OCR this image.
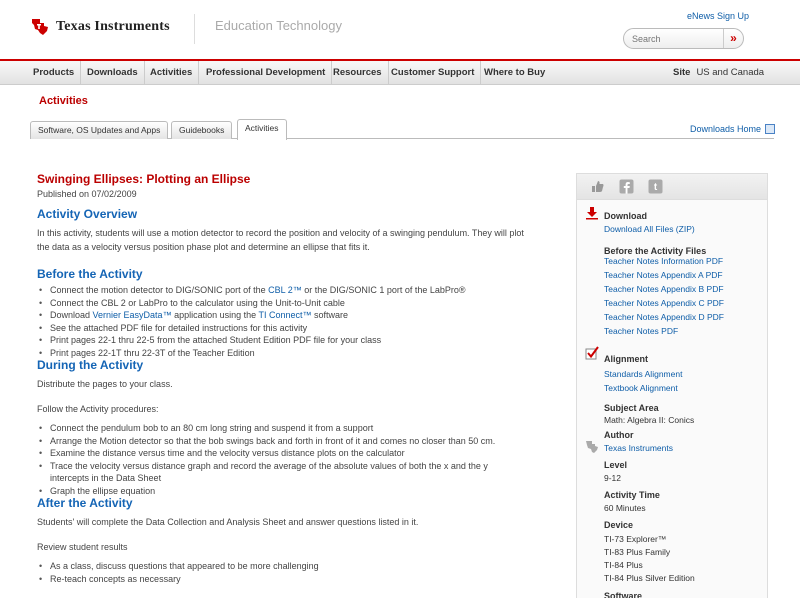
Texas Instruments	Education Technology
eNews Sign Up
Search
»
Products	Downloads	Activities	Professional Development Resources Customer Support	Where to Buy	Site US and Canada
Activities
Software, OS Updates and Apps	Guidebooks	Activities	Downloads Home
Swinging Ellipses: Plotting an Ellipse
Published on 07/02/2009
Activity Overview
In this activity, students will use a motion detector to record the position and velocity of a swinging pendulum. They will plot the data as a velocity versus position phase plot and determine an ellipse that fits it.
Before the Activity
• Connect the motion detector to DIG/SONIC port of the CBL 2™ or the DIG/SONIC 1 port of the LabPro®
• Connect the CBL 2 or LabPro to the calculator using the Unit-to-Unit cable
• Download Vernier EasyData™ application using the TI Connect™ software
• See the attached PDF file for detailed instructions for this activity
• Print pages 22-1 thru 22-5 from the attached Student Edition PDF file for your class
• Print pages 22-1T thru 22-3T of the Teacher Edition
During the Activity
Distribute the pages to your class.
Follow the Activity procedures:
• Connect the pendulum bob to an 80 cm long string and suspend it from a support
• Arrange the Motion detector so that the bob swings back and forth in front of it and comes no closer than 50 cm.
• Examine the distance versus time and the velocity versus distance plots on the calculator
• Trace the velocity versus distance graph and record the average of the absolute values of both the x and the y intercepts in the Data Sheet
• Graph the ellipse equation
After the Activity
Students' will complete the Data Collection and Analysis Sheet and answer questions listed in it.
Review student results
• As a class, discuss questions that appeared to be more challenging
• Re-teach concepts as necessary
t
Download
Download All Files (ZIP)
Before the Activity Files
Teacher Notes Information PDF
Teacher Notes Appendix A PDF
Teacher Notes Appendix B PDF
Teacher Notes Appendix C PDF
Teacher Notes Appendix D PDF
Teacher Notes PDF
Alignment
Standards Alignment
Textbook Alignment
Subject Area
Math: Algebra II: Conics
Author
Texas Instruments
Level
9-12
Activity Time
60 Minutes
Device
TI-73 Explorer™
TI-83 Plus Family
TI-84 Plus
TI-84 Plus Silver Edition
Software
